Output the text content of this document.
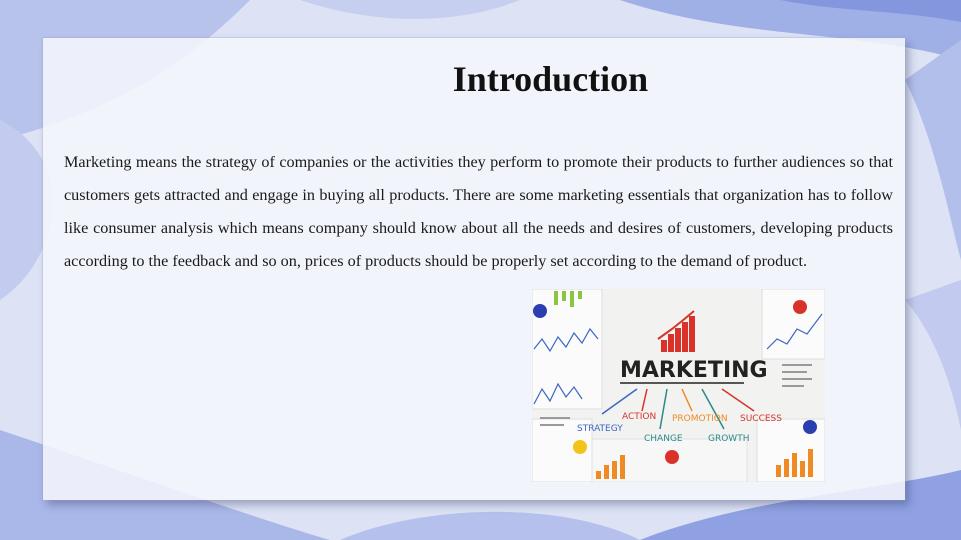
Introduction

Marketing means the strategy of companies or the activities they perform to promote their products to further audiences so that customers gets attracted and engage in buying all products. There are some marketing essentials that organization has to follow like consumer analysis which means company should know about all the needs and desires of customers, developing products according to the feedback and so on, prices of products should be properly set according to the demand of product.

MARKETING
ACTION PROMOTION SUCCESS
STRATEGY
CHANGE	GROWTH
